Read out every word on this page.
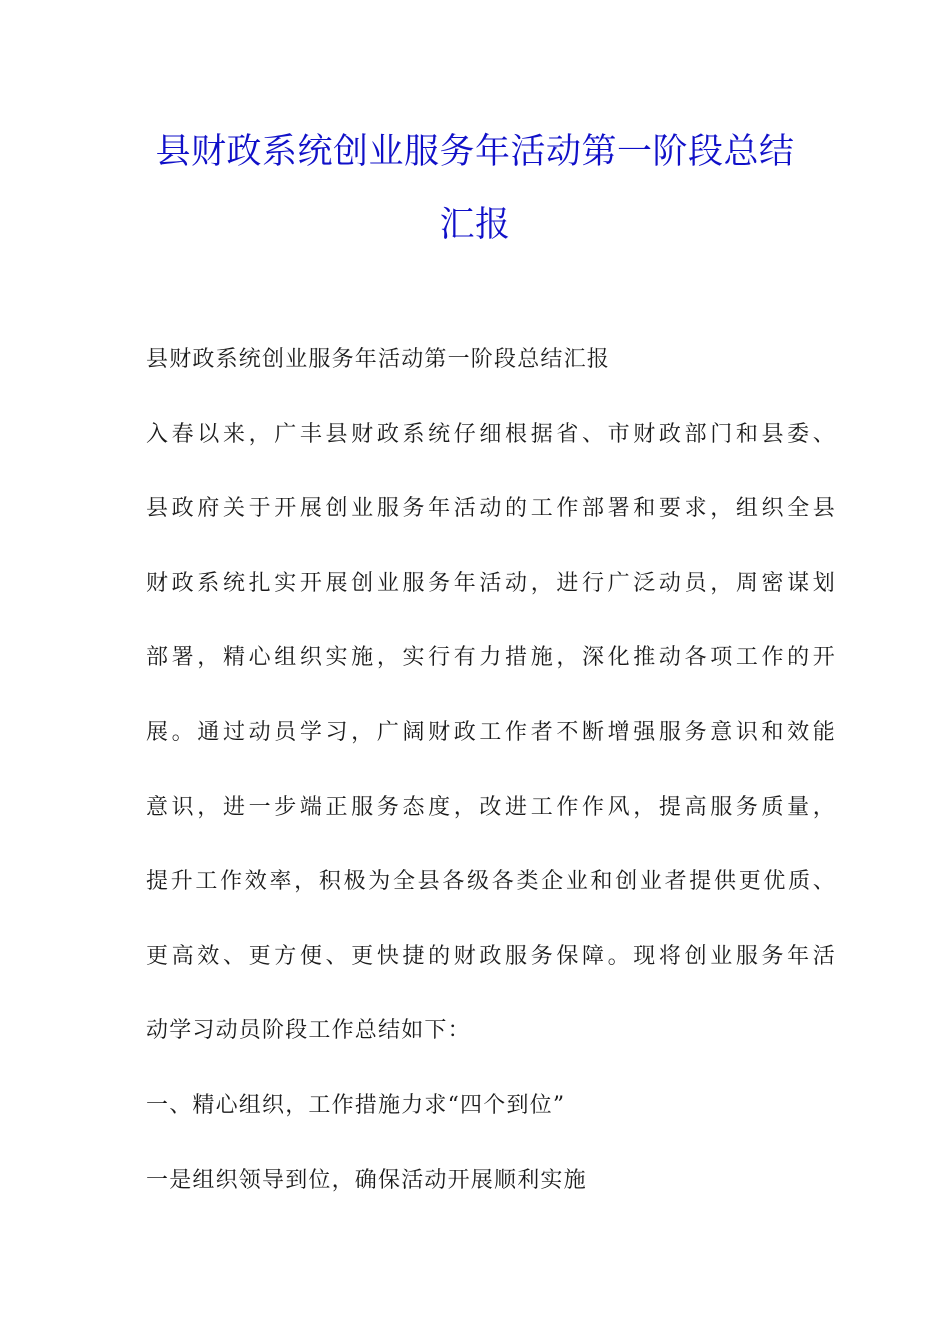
县财政系统创业服务年活动第一阶段总结
汇报
县财政系统创业服务年活动第一阶段总结汇报
入春以来，广丰县财政系统仔细根据省、市财政部门和县委、
县政府关于开展创业服务年活动的工作部署和要求，组织全县
财政系统扎实开展创业服务年活动，进行广泛动员，周密谋划
部署，精心组织实施，实行有力措施，深化推动各项工作的开
展。通过动员学习，广阔财政工作者不断增强服务意识和效能
意识，进一步端正服务态度，改进工作作风，提高服务质量，
提升工作效率，积极为全县各级各类企业和创业者提供更优质、
更高效、更方便、更快捷的财政服务保障。现将创业服务年活
动学习动员阶段工作总结如下：
一、精心组织，工作措施力求“四个到位”
一是组织领导到位，确保活动开展顺利实施
